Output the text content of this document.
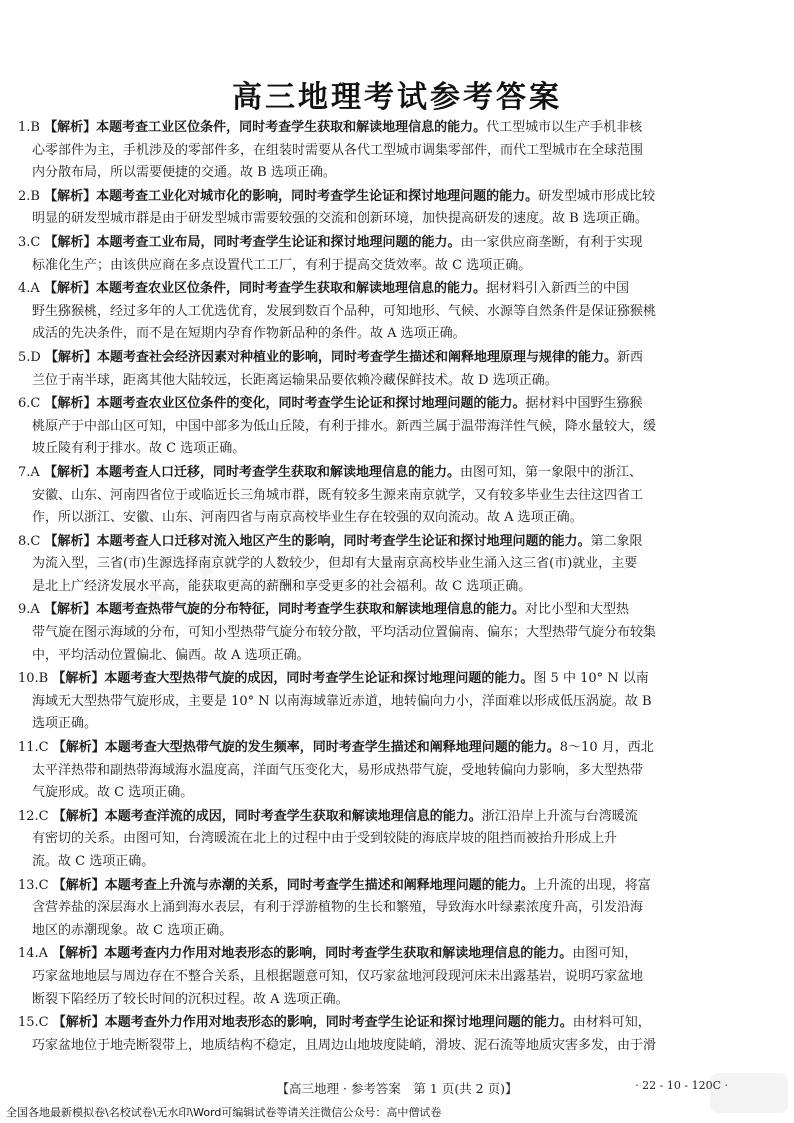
···
高三地理考试参考答案
1.B 【解析】本题考查工业区位条件，同时考查学生获取和解读地理信息的能力。代工型城市以生产手机非核
心零部件为主，手机涉及的零部件多，在组装时需要从各代工型城市调集零部件，而代工型城市在全球范围
内分散布局，所以需要便捷的交通。故 B 选项正确。
2.B 【解析】本题考查工业化对城市化的影响，同时考查学生论证和探讨地理问题的能力。研发型城市形成比较
明显的研发型城市群是由于研发型城市需要较强的交流和创新环境，加快提高研发的速度。故 B 选项正确。
3.C 【解析】本题考查工业布局，同时考查学生论证和探讨地理问题的能力。由一家供应商垄断，有利于实现
标准化生产；由该供应商在多点设置代工工厂，有利于提高交货效率。故 C 选项正确。
4.A 【解析】本题考查农业区位条件，同时考查学生获取和解读地理信息的能力。据材料引入新西兰的中国
野生猕猴桃，经过多年的人工优选优育，发展到数百个品种，可知地形、气候、水源等自然条件是保证猕猴桃
成活的先决条件，而不是在短期内孕育作物新品种的条件。故 A 选项正确。
5.D 【解析】本题考查社会经济因素对种植业的影响，同时考查学生描述和阐释地理原理与规律的能力。新西
兰位于南半球，距离其他大陆较远，长距离运输果品要依赖冷藏保鲜技术。故 D 选项正确。
6.C 【解析】本题考查农业区位条件的变化，同时考查学生论证和探讨地理问题的能力。据材料中国野生猕猴
桃原产于中部山区可知，中国中部多为低山丘陵，有利于排水。新西兰属于温带海洋性气候，降水量较大，缓
坡丘陵有利于排水。故 C 选项正确。
7.A 【解析】本题考查人口迁移，同时考查学生获取和解读地理信息的能力。由图可知，第一象限中的浙江、
安徽、山东、河南四省位于或临近长三角城市群，既有较多生源来南京就学，又有较多毕业生去往这四省工
作，所以浙江、安徽、山东、河南四省与南京高校毕业生存在较强的双向流动。故 A 选项正确。
8.C 【解析】本题考查人口迁移对流入地区产生的影响，同时考查学生论证和探讨地理问题的能力。第二象限
为流入型，三省(市)生源选择南京就学的人数较少，但却有大量南京高校毕业生涌入这三省(市)就业，主要
是北上广经济发展水平高，能获取更高的薪酬和享受更多的社会福利。故 C 选项正确。
9.A 【解析】本题考查热带气旋的分布特征，同时考查学生获取和解读地理信息的能力。对比小型和大型热
带气旋在图示海域的分布，可知小型热带气旋分布较分散，平均活动位置偏南、偏东；大型热带气旋分布较集
中，平均活动位置偏北、偏西。故 A 选项正确。
10.B 【解析】本题考查大型热带气旋的成因，同时考查学生论证和探讨地理问题的能力。图 5 中 10° N 以南
海域无大型热带气旋形成，主要是 10° N 以南海域靠近赤道，地转偏向力小，洋面难以形成低压涡旋。故 B
选项正确。
11.C 【解析】本题考查大型热带气旋的发生频率，同时考查学生描述和阐释地理问题的能力。8～10 月，西北
太平洋热带和副热带海域海水温度高，洋面气压变化大，易形成热带气旋，受地转偏向力影响，多大型热带
气旋形成。故 C 选项正确。
12.C 【解析】本题考查洋流的成因，同时考查学生获取和解读地理信息的能力。浙江沿岸上升流与台湾暖流
有密切的关系。由图可知，台湾暖流在北上的过程中由于受到较陡的海底岸坡的阻挡而被抬升形成上升
流。故 C 选项正确。
13.C 【解析】本题考查上升流与赤潮的关系，同时考查学生描述和阐释地理问题的能力。上升流的出现，将富
含营养盐的深层海水上涌到海水表层，有利于浮游植物的生长和繁殖，导致海水叶绿素浓度升高，引发沿海
地区的赤潮现象。故 C 选项正确。
14.A 【解析】本题考查内力作用对地表形态的影响，同时考查学生获取和解读地理信息的能力。由图可知，
巧家盆地地层与周边存在不整合关系，且根据题意可知，仅巧家盆地河段现河床未出露基岩，说明巧家盆地
断裂下陷经历了较长时间的沉积过程。故 A 选项正确。
15.C 【解析】本题考查外力作用对地表形态的影响，同时考查学生论证和探讨地理问题的能力。由材料可知，
巧家盆地位于地壳断裂带上，地质结构不稳定，且周边山地坡度陡峭，滑坡、泥石流等地质灾害多发，由于滑
【高三地理 · 参考答案　第 1 页(共 2 页)】	· 22 - 10 - 120C ·
全国各地最新模拟卷\名校试卷\无水印\Word可编辑试卷等请关注微信公众号：高中僧试卷
